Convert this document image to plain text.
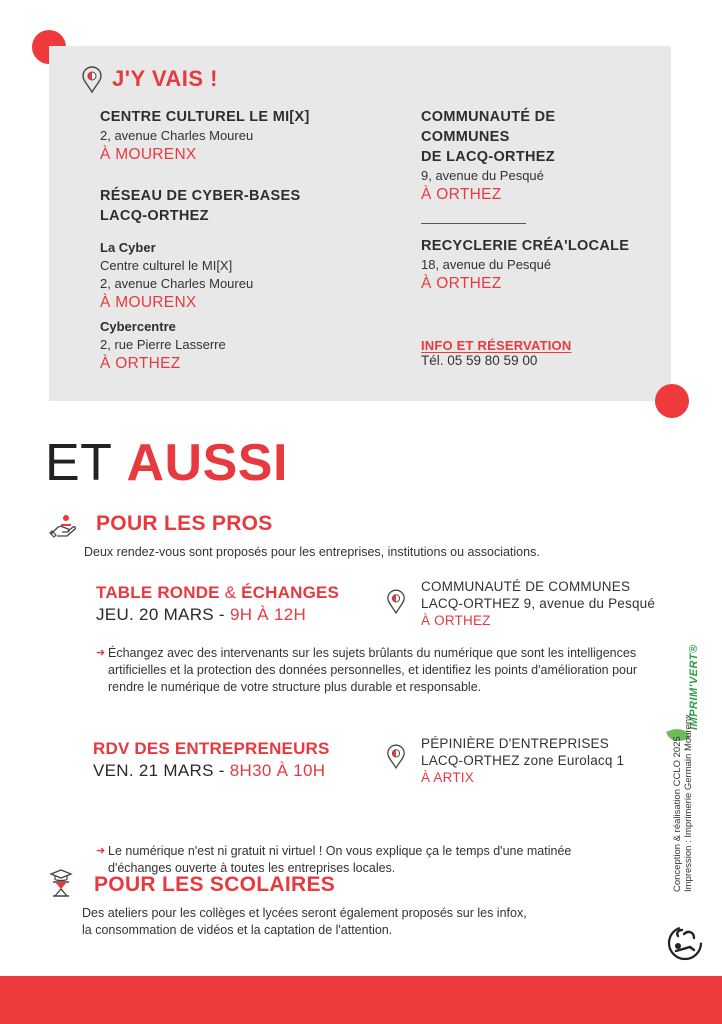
J'Y VAIS !
CENTRE CULTUREL LE MI[X]
2, avenue Charles Moureu
À MOURENX
RÉSEAU DE CYBER-BASES
LACQ-ORTHEZ
La Cyber
Centre culturel le MI[X]
2, avenue Charles Moureu
À MOURENX
Cybercentre
2, rue Pierre Lasserre
À ORTHEZ
COMMUNAUTÉ DE
COMMUNES
DE LACQ-ORTHEZ
9, avenue du Pesqué
À ORTHEZ
RECYCLERIE CRÉA'LOCALE
18, avenue du Pesqué
À ORTHEZ
INFO ET RÉSERVATION
Tél. 05 59 80 59 00
ET AUSSI
POUR LES PROS
Deux rendez-vous sont proposés pour les entreprises, institutions ou associations.
TABLE RONDE & ÉCHANGES
JEU. 20 MARS - 9H À 12H
COMMUNAUTÉ DE COMMUNES
LACQ-ORTHEZ 9, avenue du Pesqué
À ORTHEZ
➜ Échangez avec des intervenants sur les sujets brûlants du numérique que sont les intelligences artificielles et la protection des données personnelles, et identifiez les points d'amélioration pour rendre le numérique de votre structure plus durable et responsable.
RDV DES ENTREPRENEURS
VEN. 21 MARS - 8H30 À 10H
PÉPINIÈRE D'ENTREPRISES
LACQ-ORTHEZ zone Eurolacq 1
À ARTIX
➜ Le numérique n'est ni gratuit ni virtuel ! On vous explique ça le temps d'une matinée d'échanges ouverte à toutes les entreprises locales.
POUR LES SCOLAIRES
Des ateliers pour les collèges et lycées seront également proposés sur les infox,
la consommation de vidéos et la captation de l'attention.
IMPRIM'VERT®
Conception & réalisation CCLO 2025 Impression : Imprimerie Germain Mourenx
